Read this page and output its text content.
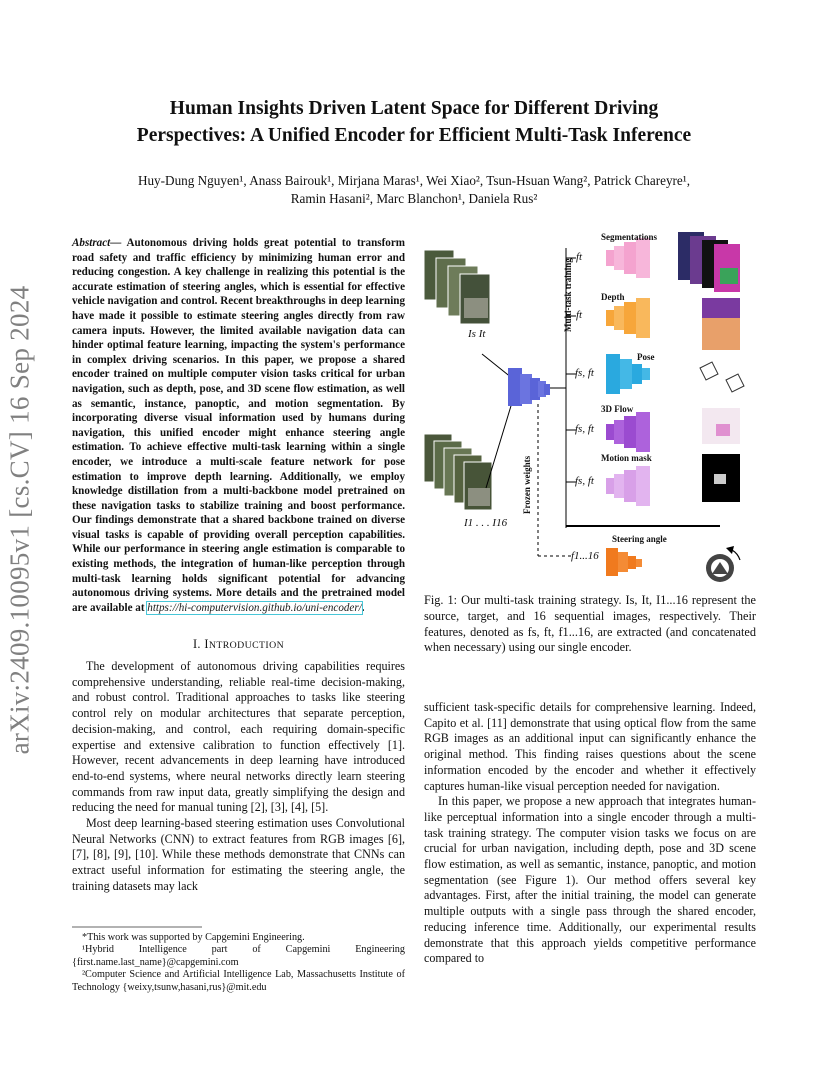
arXiv:2409.10095v1 [cs.CV] 16 Sep 2024
Human Insights Driven Latent Space for Different Driving
Perspectives: A Unified Encoder for Efficient Multi-Task Inference
Huy-Dung Nguyen¹, Anass Bairouk¹, Mirjana Maras¹, Wei Xiao², Tsun-Hsuan Wang², Patrick Chareyre¹,
Ramin Hasani², Marc Blanchon¹, Daniela Rus²
Abstract— Autonomous driving holds great potential to transform road safety and traffic efficiency by minimizing human error and reducing congestion. A key challenge in realizing this potential is the accurate estimation of steering angles, which is essential for effective vehicle navigation and control. Recent breakthroughs in deep learning have made it possible to estimate steering angles directly from raw camera inputs. However, the limited available navigation data can hinder optimal feature learning, impacting the system's performance in complex driving scenarios. In this paper, we propose a shared encoder trained on multiple computer vision tasks critical for urban navigation, such as depth, pose, and 3D scene flow estimation, as well as semantic, instance, panoptic, and motion segmentation. By incorporating diverse visual information used by humans during navigation, this unified encoder might enhance steering angle estimation. To achieve effective multi-task learning within a single encoder, we introduce a multi-scale feature network for pose estimation to improve depth learning. Additionally, we employ knowledge distillation from a multi-backbone model pretrained on these navigation tasks to stabilize training and boost performance. Our findings demonstrate that a shared backbone trained on diverse visual tasks is capable of providing overall perception capabilities. While our performance in steering angle estimation is comparable to existing methods, the integration of human-like perception through multi-task learning holds significant potential for advancing autonomous driving systems. More details and the pretrained model are available at https://hi-computervision.github.io/uni-encoder/.
I. INTRODUCTION

The development of autonomous driving capabilities requires comprehensive understanding, reliable real-time decision-making, and robust control. Traditional approaches to tasks like steering control rely on modular architectures that separate perception, decision-making, and control, each requiring domain-specific expertise and extensive calibration to function effectively [1]. However, recent advancements in deep learning have introduced end-to-end systems, where neural networks directly learn steering commands from raw input data, greatly simplifying the design and reducing the need for manual tuning [2], [3], [4], [5].

Most deep learning-based steering estimation uses Convolutional Neural Networks (CNN) to extract features from RGB images [6], [7], [8], [9], [10]. While these methods demonstrate that CNNs can extract useful information for estimating the steering angle, the training datasets may lack

*This work was supported by Capgemini Engineering.

¹Hybrid Intelligence part of Capgemini Engineering {first.name.last_name}@capgemini.com

²Computer Science and Artificial Intelligence Lab, Massachusetts Institute of Technology {weixy,tsunw,hasani,rus}@mit.edu

Segmentations
Depth
Pose
3D Flow
Motion mask
Steering angle
Multi-task training
Frozen weights
Is It
I1 . . . I16
ft
ft
fs, ft
fs, ft
fs, ft
f1...16
Fig. 1: Our multi-task training strategy. Is, It, I1...16 represent the source, target, and 16 sequential images, respectively. Their features, denoted as fs, ft, f1...16, are extracted (and concatenated when necessary) using our single encoder.

sufficient task-specific details for comprehensive learning. Indeed, Capito et al. [11] demonstrate that using optical flow from the same RGB images as an additional input can significantly enhance the original method. This finding raises questions about the scene information encoded by the encoder and whether it effectively captures human-like visual perception needed for navigation.

In this paper, we propose a new approach that integrates human-like perceptual information into a single encoder through a multi-task training strategy. The computer vision tasks we focus on are crucial for urban navigation, including depth, pose and 3D scene flow estimation, as well as semantic, instance, panoptic, and motion segmentation (see Figure 1). Our method offers several key advantages. First, after the initial training, the model can generate multiple outputs with a single pass through the shared encoder, reducing inference time. Additionally, our experimental results demonstrate that this approach yields competitive performance compared to
